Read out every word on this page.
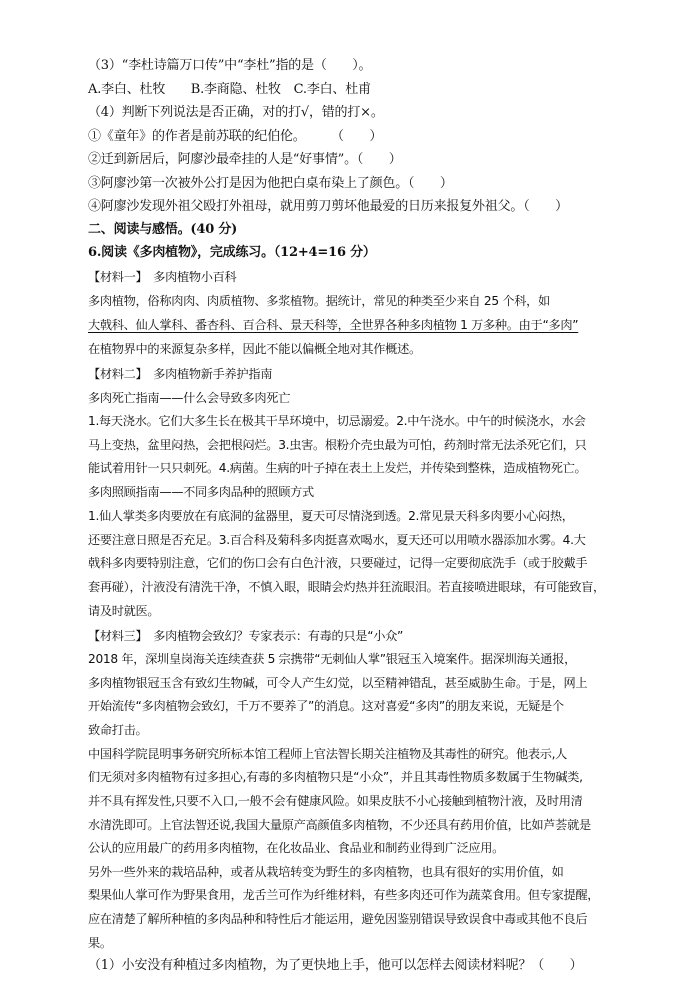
（3）“李杜诗篇万口传”中“李杜”指的是（　　）。
A.李白、杜牧　　B.李商隐、杜牧　C.李白、杜甫
（4）判断下列说法是否正确，对的打√，错的打×。
①《童年》的作者是前苏联的纪伯伦。　　　（　　）
②迁到新居后，阿廖沙最牵挂的人是“好事情”。（　　）
③阿廖沙第一次被外公打是因为他把白桌布染上了颜色。（　　）
④阿廖沙发现外祖父殴打外祖母，就用剪刀剪坏他最爱的日历来报复外祖父。（　　）
二、阅读与感悟。(40 分)
6.阅读《多肉植物》，完成练习。（12+4=16 分）
【材料一】　多肉植物小百科
多肉植物，俗称肉肉、肉质植物、多浆植物。据统计，常见的种类至少来自 25 个科，如
大戟科、仙人掌科、番杏科、百合科、景天科等，全世界各种多肉植物 1 万多种。由于“多肉”
在植物界中的来源复杂多样，因此不能以偏概全地对其作概述。
【材料二】　多肉植物新手养护指南
多肉死亡指南——什么会导致多肉死亡
1.每天浇水。它们大多生长在极其干旱环境中，切忌溺爱。2.中午浇水。中午的时候浇水，水会
马上变热，盆里闷热，会把根闷烂。3.虫害。根粉介壳虫最为可怕，药剂时常无法杀死它们，只
能试着用针一只只刺死。4.病菌。生病的叶子掉在表土上发烂，并传染到整株，造成植物死亡。
多肉照顾指南——不同多肉品种的照顾方式
1.仙人掌类多肉要放在有底洞的盆器里，夏天可尽情浇到透。2.常见景天科多肉要小心闷热，
还要注意日照是否充足。3.百合科及菊科多肉挺喜欢喝水，夏天还可以用喷水器添加水雾。4.大
戟科多肉要特别注意，它们的伤口会有白色汁液，只要碰过，记得一定要彻底洗手（或于胶戴手
套再碰），汁液没有清洗干净，不慎入眼，眼睛会灼热并狂流眼泪。若直接喷进眼球，有可能致盲，
请及时就医。
【材料三】　多肉植物会致幻？专家表示：有毒的只是“小众”
2018 年，深圳皇岗海关连续查获 5 宗携带“无刺仙人掌”银冠玉入境案件。据深圳海关通报，
多肉植物银冠玉含有致幻生物碱，可令人产生幻觉，以至精神错乱，甚至威胁生命。于是，网上
开始流传“多肉植物会致幻，千万不要养了”的消息。这对喜爱“多肉”的朋友来说，无疑是个
致命打击。
中国科学院昆明事务研究所标本馆工程师上官法智长期关注植物及其毒性的研究。他表示,人
们无须对多肉植物有过多担心,有毒的多肉植物只是“小众”，并且其毒性物质多数属于生物碱类,
并不具有挥发性,只要不入口,一般不会有健康风险。如果皮肤不小心接触到植物汁液，及时用清
水清洗即可。上官法智还说,我国大量原产高颜值多肉植物，不少还具有药用价值，比如芦荟就是
公认的应用最广的药用多肉植物，在化妆品业、食品业和制药业得到广泛应用。
另外一些外来的栽培品种，或者从栽培转变为野生的多肉植物，也具有很好的实用价值，如
梨果仙人掌可作为野果食用，龙舌兰可作为纤维材料，有些多肉还可作为蔬菜食用。但专家提醒，
应在清楚了解所种植的多肉品种和特性后才能运用，避免因鉴别错误导致误食中毒或其他不良后
果。
（1）小安没有种植过多肉植物，为了更快地上手，他可以怎样去阅读材料呢？（　　）
